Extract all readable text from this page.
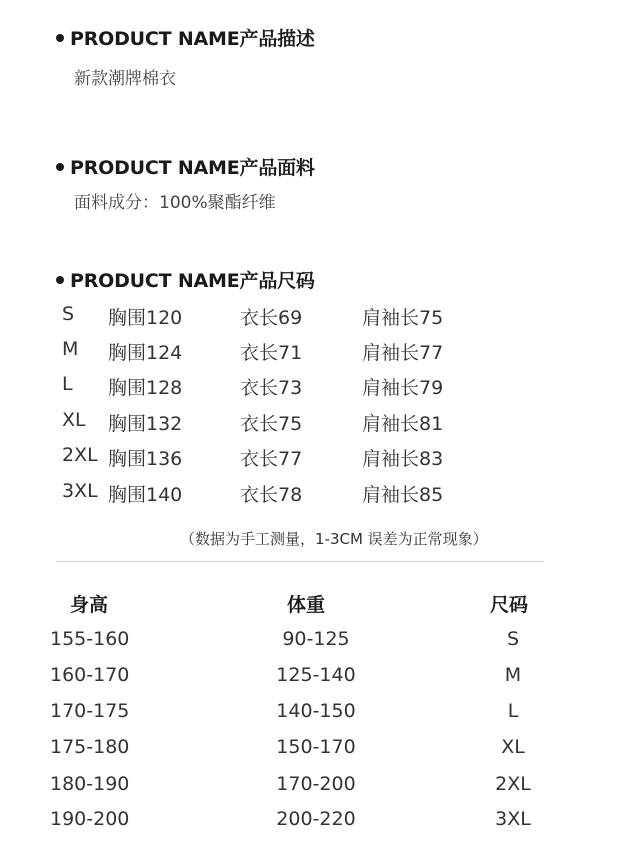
PRODUCT NAME产品描述
新款潮牌棉衣
PRODUCT NAME产品面料
面料成分：100%聚酯纤维
PRODUCT NAME产品尺码
S 胸围120	衣长69	肩袖长75
M 胸围124	衣长71	肩袖长77
L 胸围128	衣长73	肩袖长79
XL 胸围132	衣长75	肩袖长81
2XL 胸围136	衣长77	肩袖长83
3XL 胸围140	衣长78	肩袖长85
（数据为手工测量，1-3CM 误差为正常现象）
身高	体重	尺码
155-160	90-125	S
160-170	125-140	M
170-175	140-150	L
175-180	150-170	XL
180-190	170-200	2XL
190-200	200-220	3XL
